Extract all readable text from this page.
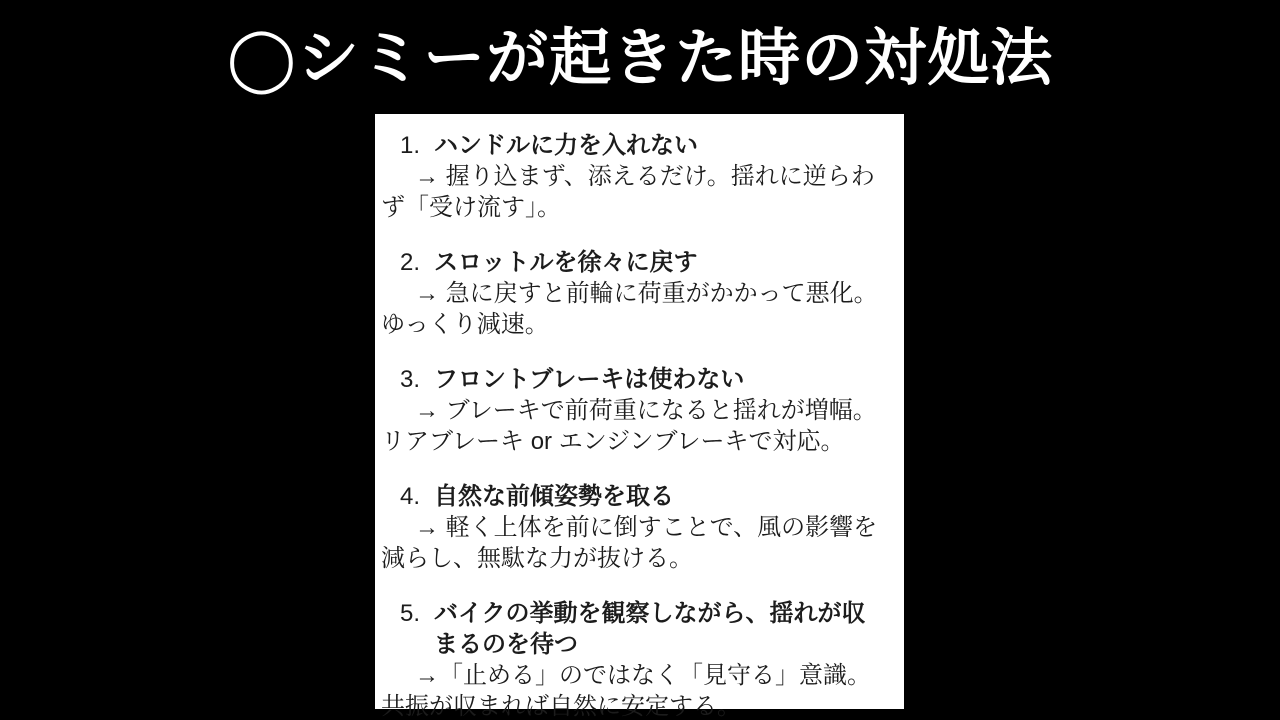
◯シミーが起きた時の対処法
1. ハンドルに力を入れない

→ 握り込まず、添えるだけ。揺れに逆らわず「受け流す」。

2. スロットルを徐々に戻す

→ 急に戻すと前輪に荷重がかかって悪化。ゆっくり減速。

3. フロントブレーキは使わない

→ ブレーキで前荷重になると揺れが増幅。リアブレーキ or エンジンブレーキで対応。

4. 自然な前傾姿勢を取る

→ 軽く上体を前に倒すことで、風の影響を減らし、無駄な力が抜ける。

5. バイクの挙動を観察しながら、揺れが収まるのを待つ

→「止める」のではなく「見守る」意識。共振が収まれば自然に安定する。
